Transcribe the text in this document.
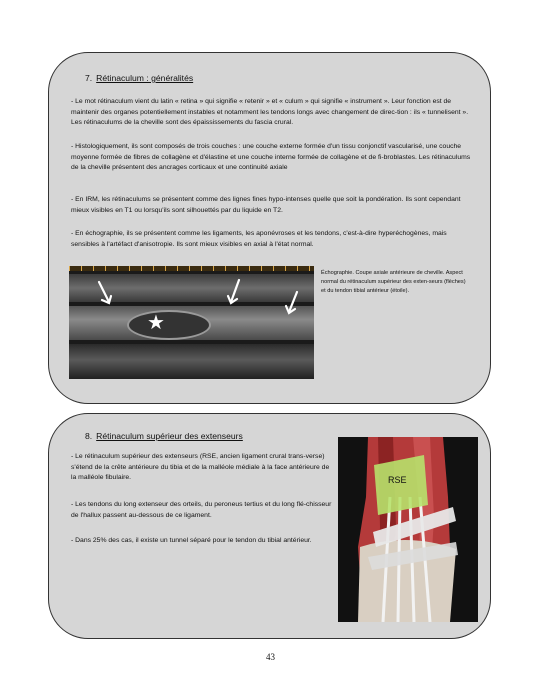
7. Rétinaculum : généralités
- Le mot rétinaculum vient du latin « retina » qui signifie « retenir » et « culum » qui signifie « instrument ». Leur fonction est de maintenir des organes potentiellement instables et notamment les tendons longs avec changement de direc-tion : ils « tunnelisent ». Les rétinaculums de la cheville sont des épaississements du fascia crural.
- Histologiquement, ils sont composés de trois couches : une couche externe formée d'un tissu conjonctif vascularisé, une couche moyenne formée de fibres de collagène et d'élastine et une couche interne formée de collagène et de fi-broblastes. Les rétinaculums de la cheville présentent des ancrages corticaux et une continuité axiale
- En IRM, les rétinaculums se présentent comme des lignes fines hypo-intenses quelle que soit la pondération. Ils sont cependant mieux visibles en T1 ou lorsqu'ils sont silhouettés par du liquide en T2.
- En échographie, ils se présentent comme les ligaments, les aponévroses et les tendons, c'est-à-dire hyperéchogènes, mais sensibles à l'artéfact d'anisotropie. Ils sont mieux visibles en axial à l'état normal.
★
Échographie. Coupe axiale antérieure de cheville. Aspect normal du rétinaculum supérieur des exten-seurs (flèches) et du tendon tibial antérieur (étoile).
8. Rétinaculum supérieur des extenseurs
- Le rétinaculum supérieur des extenseurs (RSE, ancien ligament crural trans-verse) s'étend de la crête antérieure du tibia et de la malléole médiale à la face antérieure de la malléole fibulaire.
- Les tendons du long extenseur des orteils, du peroneus tertius et du long flé-chisseur de l'hallux passent au-dessous de ce ligament.
- Dans 25% des cas, il existe un tunnel séparé pour le tendon du tibial antérieur.
RSE
43
